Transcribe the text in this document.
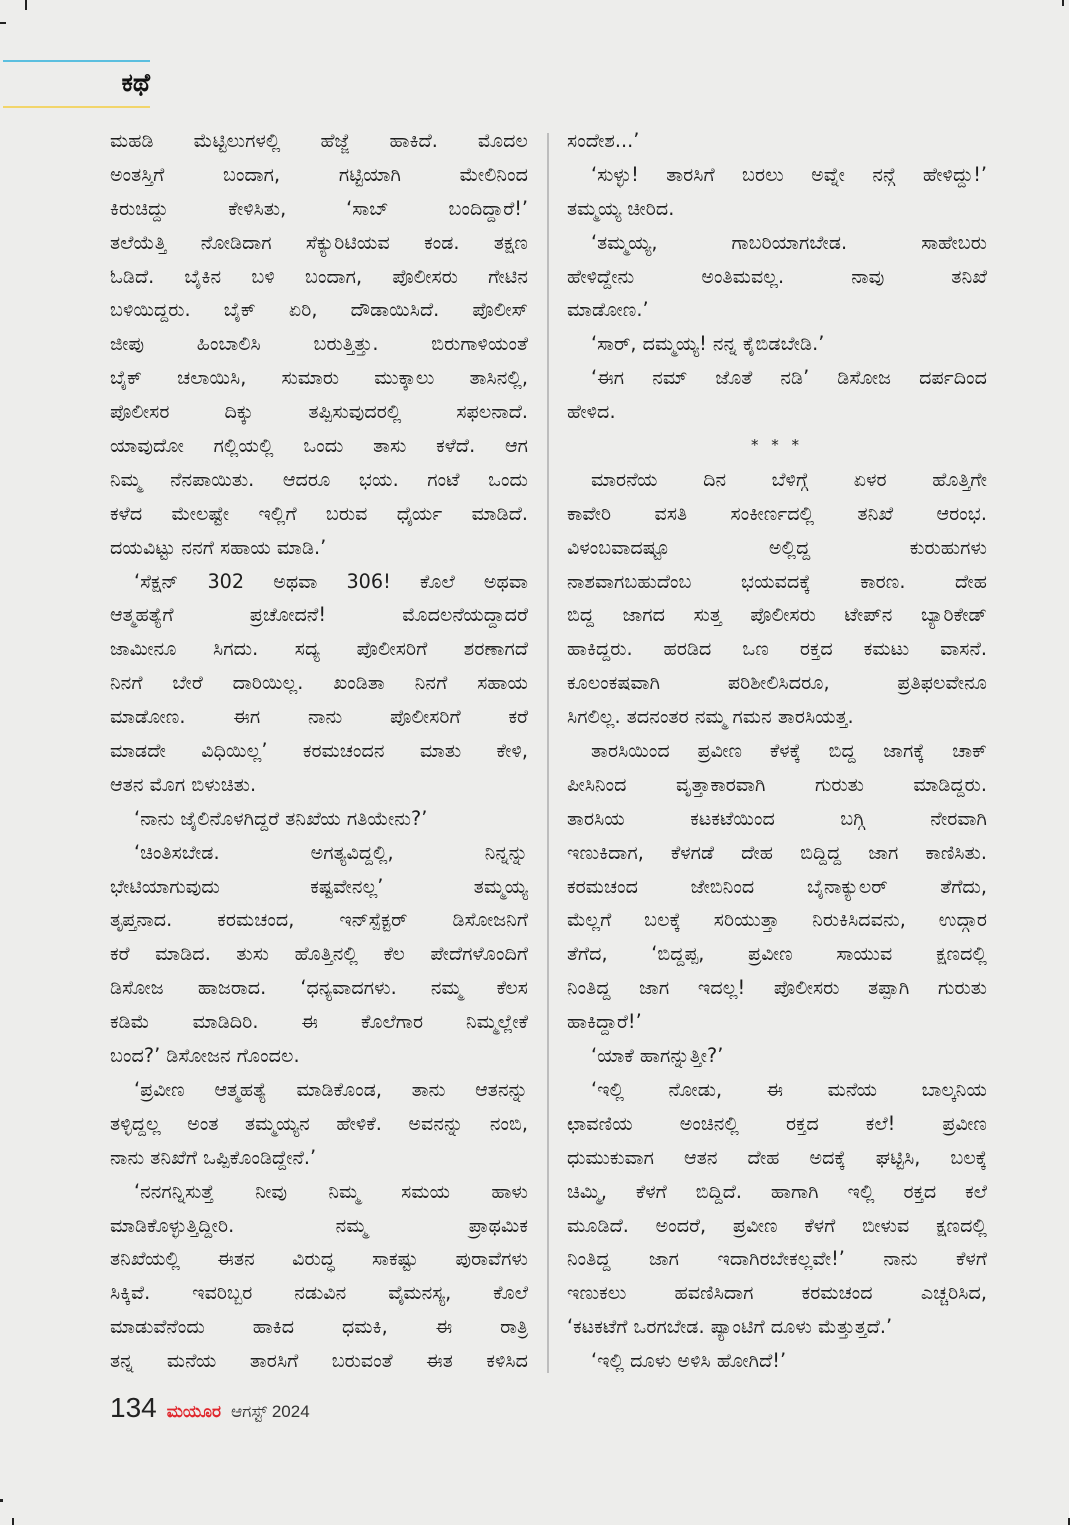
ಕಥೆ
ಮಹಡಿ ಮೆಟ್ಟಿಲುಗಳಲ್ಲಿ ಹೆಜ್ಜೆ ಹಾಕಿದೆ. ಮೊದಲ
ಅಂತಸ್ತಿಗೆ ಬಂದಾಗ, ಗಟ್ಟಿಯಾಗಿ ಮೇಲಿನಿಂದ
ಕಿರುಚಿದ್ದು ಕೇಳಿಸಿತು, ‘ಸಾಬ್ ಬಂದಿದ್ದಾರೆ!’
ತಲೆಯೆತ್ತಿ ನೋಡಿದಾಗ ಸೆಕ್ಯುರಿಟಿಯವ ಕಂಡ. ತಕ್ಷಣ
ಓಡಿದೆ. ಬೈಕಿನ ಬಳಿ ಬಂದಾಗ, ಪೊಲೀಸರು ಗೇಟಿನ
ಬಳಿಯಿದ್ದರು. ಬೈಕ್ ಏರಿ, ದೌಡಾಯಿಸಿದೆ. ಪೊಲೀಸ್
ಜೀಪು ಹಿಂಬಾಲಿಸಿ ಬರುತ್ತಿತ್ತು. ಬಿರುಗಾಳಿಯಂತೆ
ಬೈಕ್ ಚಲಾಯಿಸಿ, ಸುಮಾರು ಮುಕ್ಕಾಲು ತಾಸಿನಲ್ಲಿ,
ಪೊಲೀಸರ ದಿಕ್ಕು ತಪ್ಪಿಸುವುದರಲ್ಲಿ ಸಫಲನಾದೆ.
ಯಾವುದೋ ಗಲ್ಲಿಯಲ್ಲಿ ಒಂದು ತಾಸು ಕಳೆದೆ. ಆಗ
ನಿಮ್ಮ ನೆನಪಾಯಿತು. ಆದರೂ ಭಯ. ಗಂಟೆ ಒಂದು
ಕಳೆದ ಮೇಲಷ್ಟೇ ಇಲ್ಲಿಗೆ ಬರುವ ಧೈರ್ಯ ಮಾಡಿದೆ.
ದಯವಿಟ್ಟು ನನಗೆ ಸಹಾಯ ಮಾಡಿ.’
‘ಸೆಕ್ಷನ್ 302 ಅಥವಾ 306! ಕೊಲೆ ಅಥವಾ
ಆತ್ಮಹತ್ಯೆಗೆ ಪ್ರಚೋದನೆ! ಮೊದಲನೆಯದ್ದಾದರೆ
ಜಾಮೀನೂ ಸಿಗದು. ಸದ್ಯ ಪೊಲೀಸರಿಗೆ ಶರಣಾಗದೆ
ನಿನಗೆ ಬೇರೆ ದಾರಿಯಿಲ್ಲ. ಖಂಡಿತಾ ನಿನಗೆ ಸಹಾಯ
ಮಾಡೋಣ. ಈಗ ನಾನು ಪೊಲೀಸರಿಗೆ ಕರೆ
ಮಾಡದೇ ವಿಧಿಯಿಲ್ಲ’ ಕರಮಚಂದನ ಮಾತು ಕೇಳಿ,
ಆತನ ಮೊಗ ಬಿಳುಚಿತು.
‘ನಾನು ಜೈಲಿನೊಳಗಿದ್ದರೆ ತನಿಖೆಯ ಗತಿಯೇನು?’
‘ಚಿಂತಿಸಬೇಡ. ಅಗತ್ಯವಿದ್ದಲ್ಲಿ, ನಿನ್ನನ್ನು
ಭೇಟಿಯಾಗುವುದು ಕಷ್ಟವೇನಲ್ಲ’ ತಮ್ಮಯ್ಯ
ತೃಪ್ತನಾದ. ಕರಮಚಂದ, ಇನ್‌ಸ್ಪೆಕ್ಟರ್ ಡಿಸೋಜನಿಗೆ
ಕರೆ ಮಾಡಿದ. ತುಸು ಹೊತ್ತಿನಲ್ಲಿ ಕೆಲ ಪೇದೆಗಳೊಂದಿಗೆ
ಡಿಸೋಜ ಹಾಜರಾದ. ‘ಧನ್ಯವಾದಗಳು. ನಮ್ಮ ಕೆಲಸ
ಕಡಿಮೆ ಮಾಡಿದಿರಿ. ಈ ಕೊಲೆಗಾರ ನಿಮ್ಮಲ್ಲೇಕೆ
ಬಂದ?’ ಡಿಸೋಜನ ಗೊಂದಲ.
‘ಪ್ರವೀಣ ಆತ್ಮಹತ್ಯೆ ಮಾಡಿಕೊಂಡ, ತಾನು ಆತನನ್ನು
ತಳ್ಳಿದ್ದಲ್ಲ ಅಂತ ತಮ್ಮಯ್ಯನ ಹೇಳಿಕೆ. ಅವನನ್ನು ನಂಬಿ,
ನಾನು ತನಿಖೆಗೆ ಒಪ್ಪಿಕೊಂಡಿದ್ದೇನೆ.’
‘ನನಗನ್ನಿಸುತ್ತೆ ನೀವು ನಿಮ್ಮ ಸಮಯ ಹಾಳು
ಮಾಡಿಕೊಳ್ಳುತ್ತಿದ್ದೀರಿ. ನಮ್ಮ ಪ್ರಾಥಮಿಕ
ತನಿಖೆಯಲ್ಲಿ ಈತನ ವಿರುದ್ಧ ಸಾಕಷ್ಟು ಪುರಾವೆಗಳು
ಸಿಕ್ಕಿವೆ. ಇವರಿಬ್ಬರ ನಡುವಿನ ವೈಮನಸ್ಯ, ಕೊಲೆ
ಮಾಡುವೆನೆಂದು ಹಾಕಿದ ಧಮಕಿ, ಈ ರಾತ್ರಿ
ತನ್ನ ಮನೆಯ ತಾರಸಿಗೆ ಬರುವಂತೆ ಈತ ಕಳಿಸಿದ
ಸಂದೇಶ...’
‘ಸುಳ್ಳು! ತಾರಸಿಗೆ ಬರಲು ಅವ್ನೇ ನನ್ಗೆ ಹೇಳಿದ್ದು!’
ತಮ್ಮಯ್ಯ ಚೀರಿದ.
‘ತಮ್ಮಯ್ಯ, ಗಾಬರಿಯಾಗಬೇಡ. ಸಾಹೇಬರು
ಹೇಳಿದ್ದೇನು ಅಂತಿಮವಲ್ಲ. ನಾವು ತನಿಖೆ
ಮಾಡೋಣ.’
‘ಸಾರ್, ದಮ್ಮಯ್ಯ! ನನ್ನ ಕೈಬಿಡಬೇಡಿ.’
‘ಈಗ ನಮ್ ಜೊತೆ ನಡಿ’ ಡಿಸೋಜ ದರ್ಪದಿಂದ
ಹೇಳಿದ.
* * *
ಮಾರನೆಯ ದಿನ ಬೆಳಿಗ್ಗೆ ಏಳರ ಹೊತ್ತಿಗೇ
ಕಾವೇರಿ ವಸತಿ ಸಂಕೀರ್ಣದಲ್ಲಿ ತನಿಖೆ ಆರಂಭ.
ವಿಳಂಬವಾದಷ್ಟೂ ಅಲ್ಲಿದ್ದ ಕುರುಹುಗಳು
ನಾಶವಾಗಬಹುದೆಂಬ ಭಯವದಕ್ಕೆ ಕಾರಣ. ದೇಹ
ಬಿದ್ದ ಜಾಗದ ಸುತ್ತ ಪೊಲೀಸರು ಟೇಪ್‌ನ ಬ್ಯಾರಿಕೇಡ್
ಹಾಕಿದ್ದರು. ಹರಡಿದ ಒಣ ರಕ್ತದ ಕಮಟು ವಾಸನೆ.
ಕೂಲಂಕಷವಾಗಿ ಪರಿಶೀಲಿಸಿದರೂ, ಪ್ರತಿಫಲವೇನೂ
ಸಿಗಲಿಲ್ಲ. ತದನಂತರ ನಮ್ಮ ಗಮನ ತಾರಸಿಯತ್ತ.
ತಾರಸಿಯಿಂದ ಪ್ರವೀಣ ಕೆಳಕ್ಕೆ ಬಿದ್ದ ಜಾಗಕ್ಕೆ ಚಾಕ್
ಪೀಸಿನಿಂದ ವೃತ್ತಾಕಾರವಾಗಿ ಗುರುತು ಮಾಡಿದ್ದರು.
ತಾರಸಿಯ ಕಟಕಟೆಯಿಂದ ಬಗ್ಗಿ ನೇರವಾಗಿ
ಇಣುಕಿದಾಗ, ಕೆಳಗಡೆ ದೇಹ ಬಿದ್ದಿದ್ದ ಜಾಗ ಕಾಣಿಸಿತು.
ಕರಮಚಂದ ಜೇಬಿನಿಂದ ಬೈನಾಕ್ಯುಲರ್ ತೆಗೆದು,
ಮೆಲ್ಲಗೆ ಬಲಕ್ಕೆ ಸರಿಯುತ್ತಾ ನಿರುಕಿಸಿದವನು, ಉದ್ಗಾರ
ತೆಗೆದ, ‘ಬಿದ್ದಪ್ಪ, ಪ್ರವೀಣ ಸಾಯುವ ಕ್ಷಣದಲ್ಲಿ
ನಿಂತಿದ್ದ ಜಾಗ ಇದಲ್ಲ! ಪೊಲೀಸರು ತಪ್ಪಾಗಿ ಗುರುತು
ಹಾಕಿದ್ದಾರೆ!’
‘ಯಾಕೆ ಹಾಗನ್ನುತ್ತೀ?’
‘ಇಲ್ಲಿ ನೋಡು, ಈ ಮನೆಯ ಬಾಲ್ಕನಿಯ
ಛಾವಣಿಯ ಅಂಚಿನಲ್ಲಿ ರಕ್ತದ ಕಲೆ! ಪ್ರವೀಣ
ಧುಮುಕುವಾಗ ಆತನ ದೇಹ ಅದಕ್ಕೆ ಘಟ್ಟಿಸಿ, ಬಲಕ್ಕೆ
ಚಿಮ್ಮಿ, ಕೆಳಗೆ ಬಿದ್ದಿದೆ. ಹಾಗಾಗಿ ಇಲ್ಲಿ ರಕ್ತದ ಕಲೆ
ಮೂಡಿದೆ. ಅಂದರೆ, ಪ್ರವೀಣ ಕೆಳಗೆ ಬೀಳುವ ಕ್ಷಣದಲ್ಲಿ
ನಿಂತಿದ್ದ ಜಾಗ ಇದಾಗಿರಬೇಕಲ್ಲವೇ!’ ನಾನು ಕೆಳಗೆ
ಇಣುಕಲು ಹವಣಿಸಿದಾಗ ಕರಮಚಂದ ಎಚ್ಚರಿಸಿದ,
‘ಕಟಕಟೆಗೆ ಒರಗಬೇಡ. ಪ್ಯಾಂಟಿಗೆ ದೂಳು ಮೆತ್ತುತ್ತದೆ.’
‘ಇಲ್ಲಿ ದೂಳು ಅಳಿಸಿ ಹೋಗಿದೆ!’
134 ಮಯೂರ ಆಗಸ್ಟ್ 2024
